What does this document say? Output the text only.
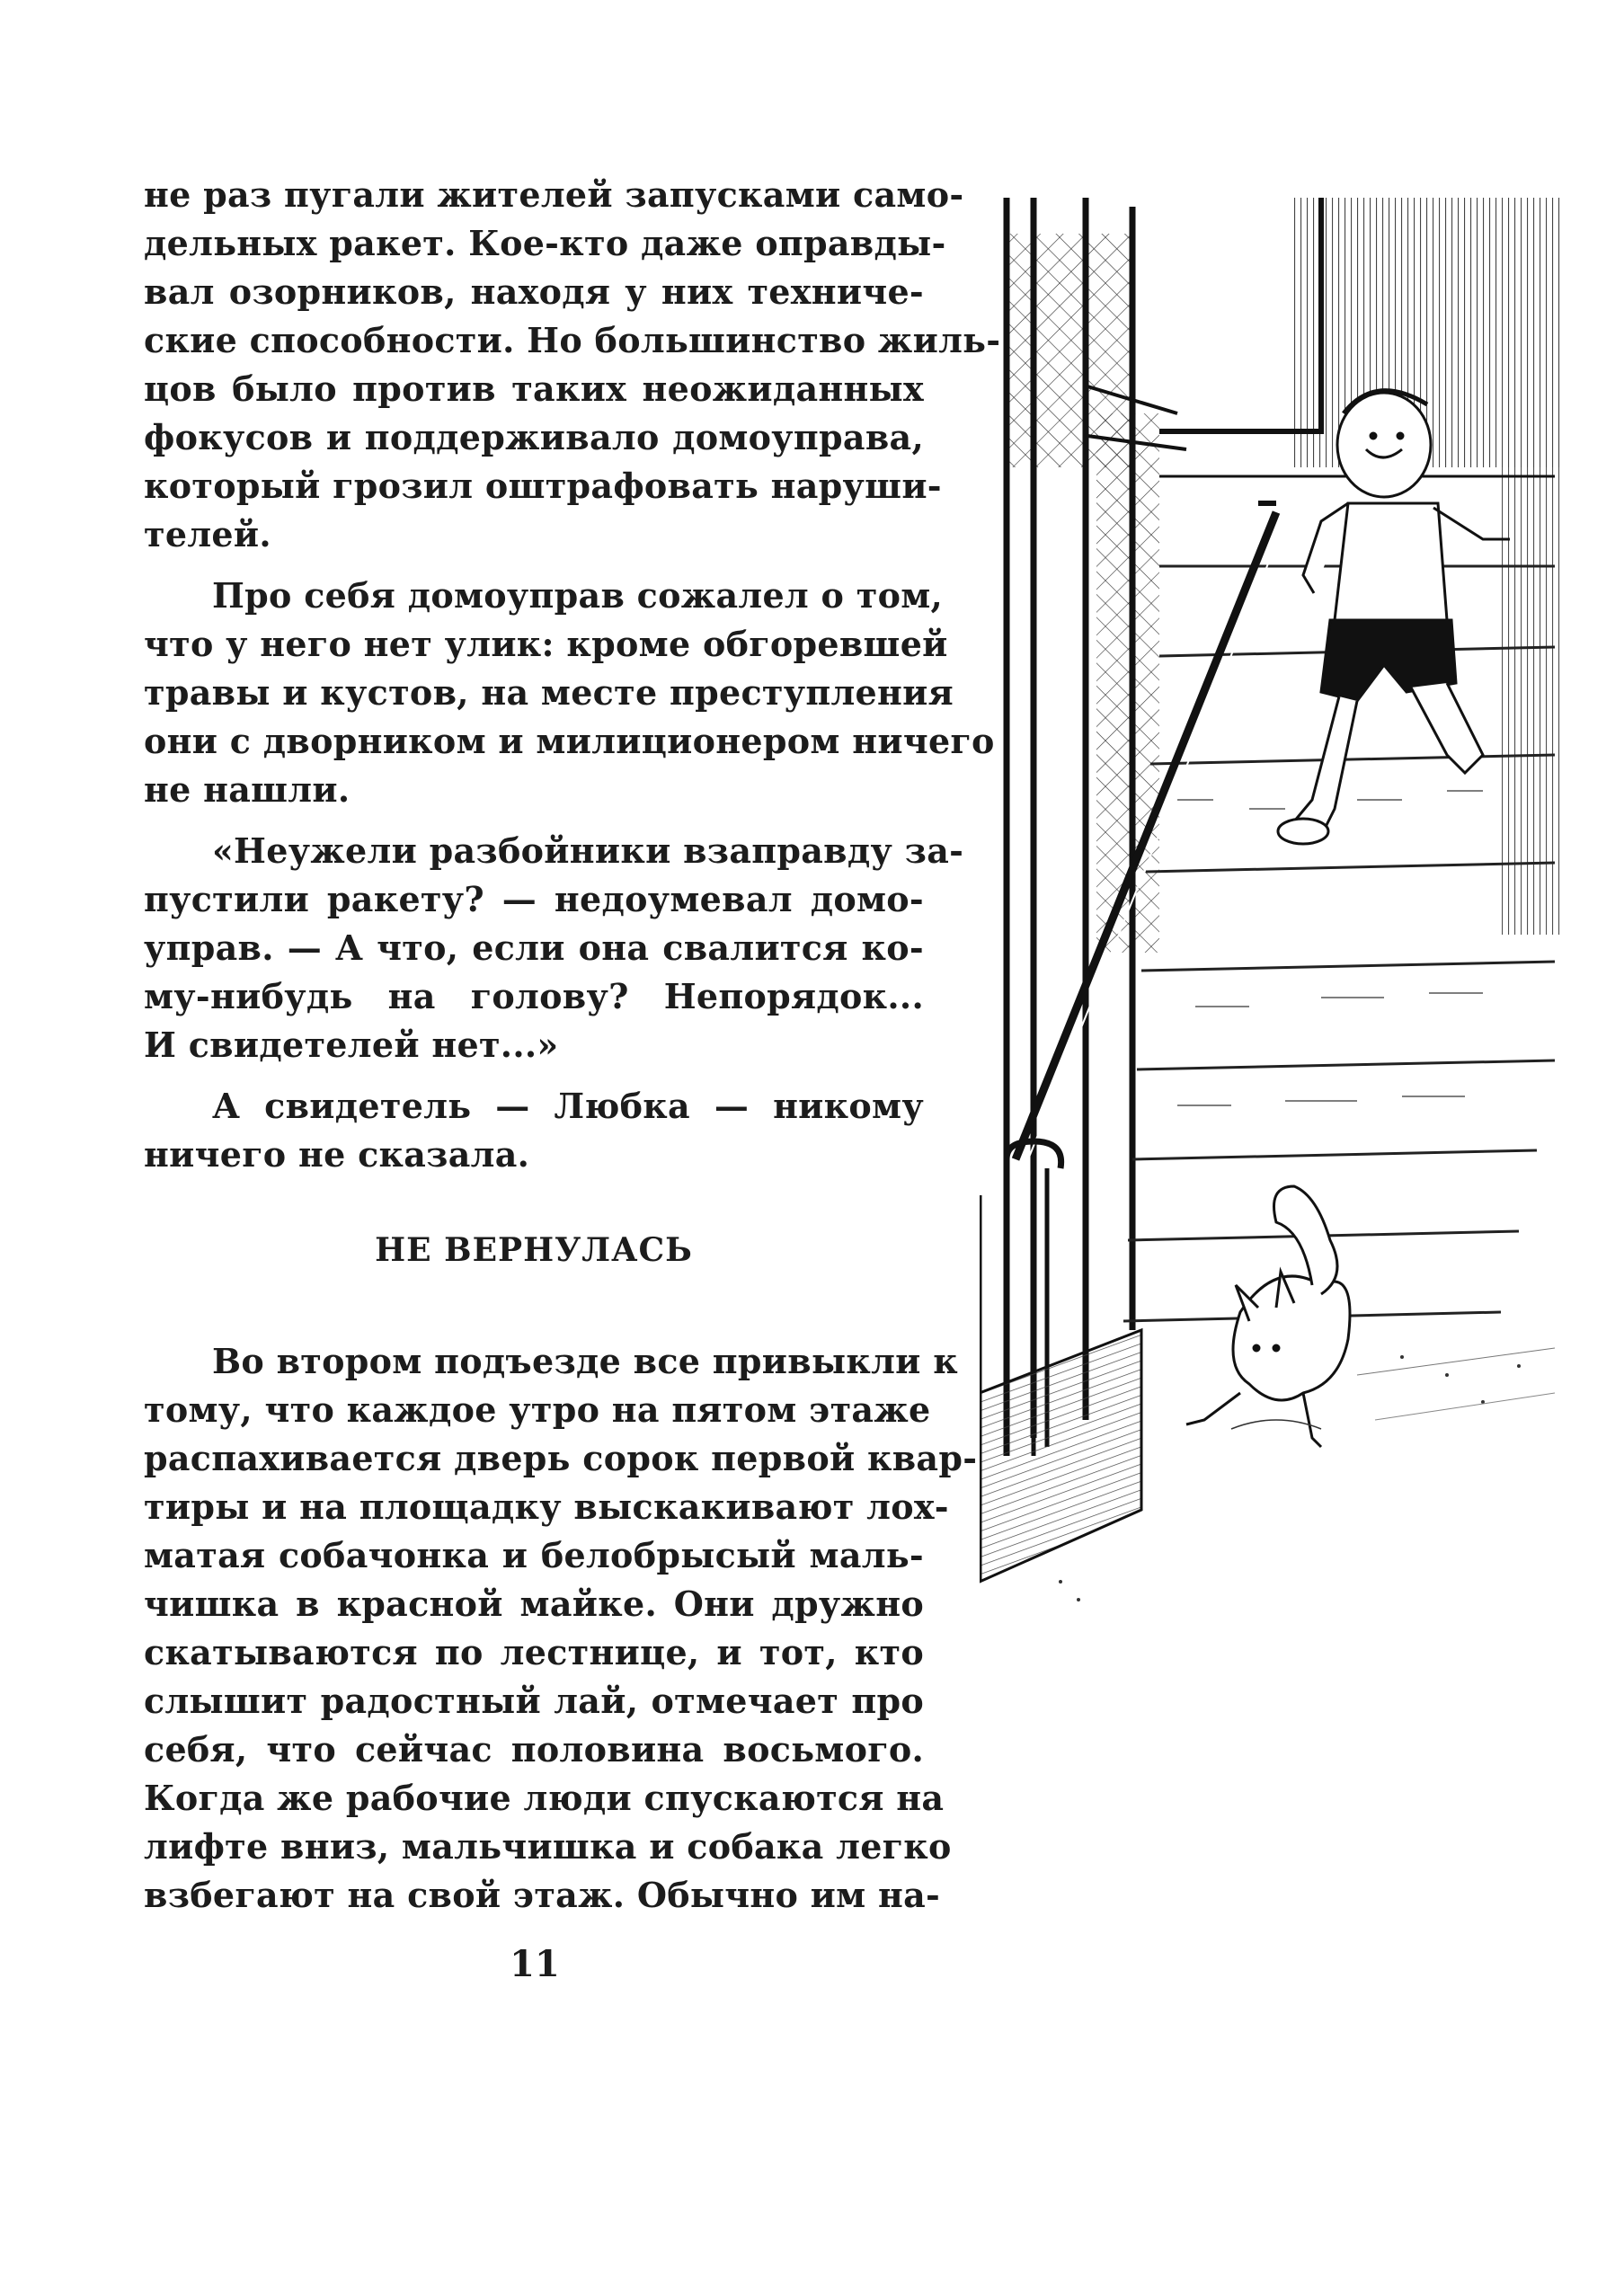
не раз пугали жителей запусками само-
дельных ракет. Кое-кто даже оправды-
вал озорников, находя у них техниче-
ские способности. Но большинство жиль-
цов было против таких неожиданных
фокусов и поддерживало домоуправа,
который грозил оштрафовать наруши-
телей.
Про себя домоуправ сожалел о том,
что у него нет улик: кроме обгоревшей
травы и кустов, на месте преступления
они с дворником и милиционером ничего
не нашли.
«Неужели разбойники взаправду за-
пустили ракету? — недоумевал домо-
управ. — А что, если она свалится ко-
му-нибудь на голову? Непорядок...
И свидетелей нет...»
А свидетель — Любка — никому
ничего не сказала.
НЕ ВЕРНУЛАСЬ
Во втором подъезде все привыкли к
тому, что каждое утро на пятом этаже
распахивается дверь сорок первой квар-
тиры и на площадку выскакивают лох-
матая собачонка и белобрысый маль-
чишка в красной майке. Они дружно
скатываются по лестнице, и тот, кто
слышит радостный лай, отмечает про
себя, что сейчас половина восьмого.
Когда же рабочие люди спускаются на
лифте вниз, мальчишка и собака легко
взбегают на свой этаж. Обычно им на-
11
